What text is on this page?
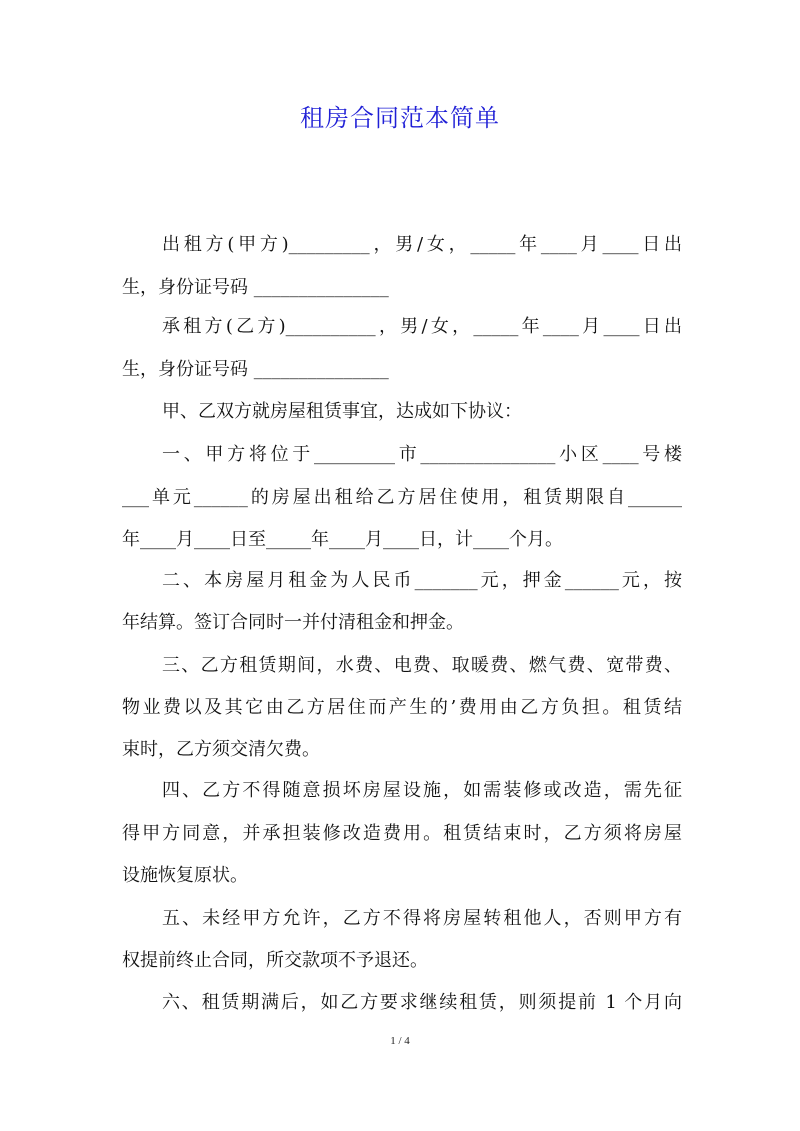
租房合同范本简单
出租方(甲方)_________，男/女，_____年____月____日出
生，身份证号码 _______________
承租方(乙方)__________，男/女，_____年____月____日出
生，身份证号码 _______________
甲、乙双方就房屋租赁事宜，达成如下协议：
一、甲方将位于_________市_______________小区____号楼
___单元______的房屋出租给乙方居住使用，租赁期限自______
年____月____日至_____年____月____日，计____个月。
二、本房屋月租金为人民币_______元，押金______元，按
年结算。签订合同时一并付清租金和押金。
三、乙方租赁期间，水费、电费、取暖费、燃气费、宽带费、
物业费以及其它由乙方居住而产生的’费用由乙方负担。租赁结
束时，乙方须交清欠费。
四、乙方不得随意损坏房屋设施，如需装修或改造，需先征
得甲方同意，并承担装修改造费用。租赁结束时，乙方须将房屋
设施恢复原状。
五、未经甲方允许，乙方不得将房屋转租他人，否则甲方有
权提前终止合同，所交款项不予退还。
六、租赁期满后，如乙方要求继续租赁，则须提前 1 个月向
1 / 4
